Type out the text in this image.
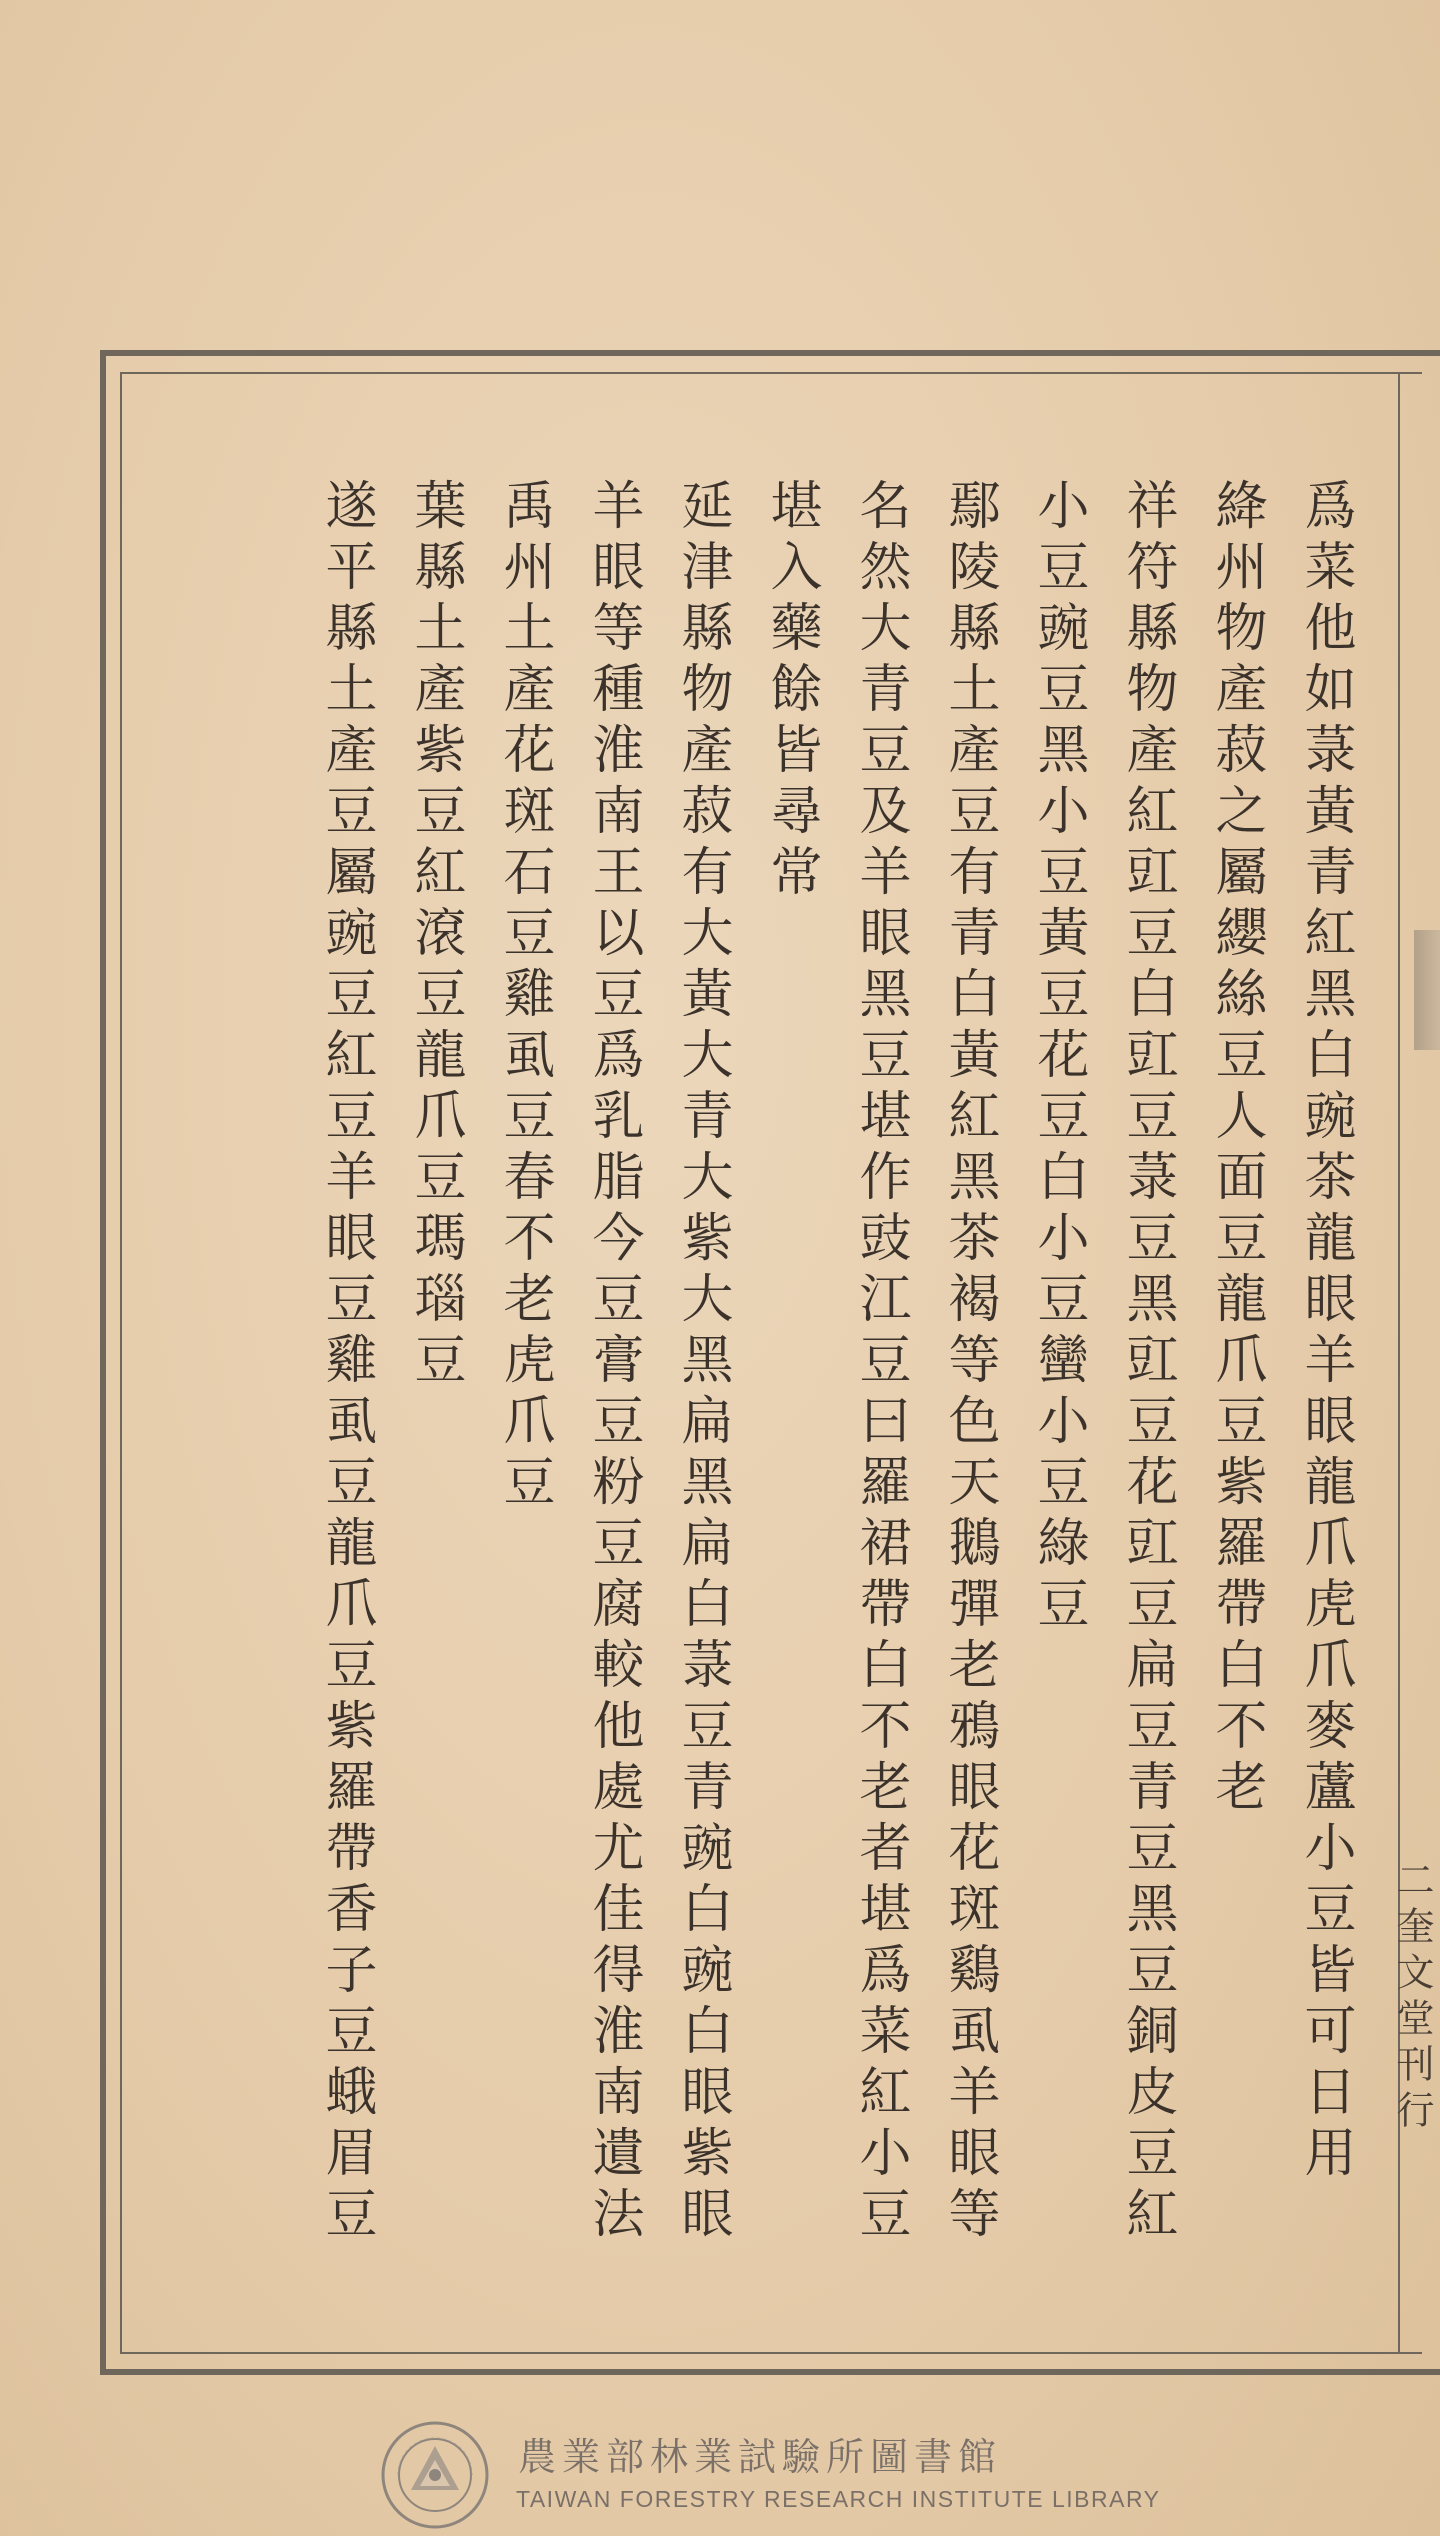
爲菜他如菉黃青紅黑白豌茶龍眼羊眼龍爪虎爪麥蘆小豆皆可日用
絳州物產菽之屬纓絲豆人面豆龍爪豆紫羅帶白不老
祥符縣物產紅豇豆白豇豆菉豆黑豇豆花豇豆扁豆青豆黑豆銅皮豆紅
小豆豌豆黑小豆黃豆花豆白小豆蠻小豆綠豆
鄢陵縣土產豆有青白黃紅黑茶褐等色天鵝彈老鴉眼花斑鷄虱羊眼等
名然大青豆及羊眼黑豆堪作豉江豆曰羅裙帶白不老者堪爲菜紅小豆
堪入藥餘皆尋常
延津縣物產菽有大黃大青大紫大黑扁黑扁白菉豆青豌白豌白眼紫眼
羊眼等種淮南王以豆爲乳脂今豆膏豆粉豆腐較他處尤佳得淮南遺法
禹州土產花斑石豆雞虱豆春不老虎爪豆
葉縣土產紫豆紅滾豆龍爪豆瑪瑙豆
遂平縣土產豆屬豌豆紅豆羊眼豆雞虱豆龍爪豆紫羅帶香子豆蛾眉豆	二奎文堂刊行
農業部林業試驗所圖書館
TAIWAN FORESTRY RESEARCH INSTITUTE LIBRARY
